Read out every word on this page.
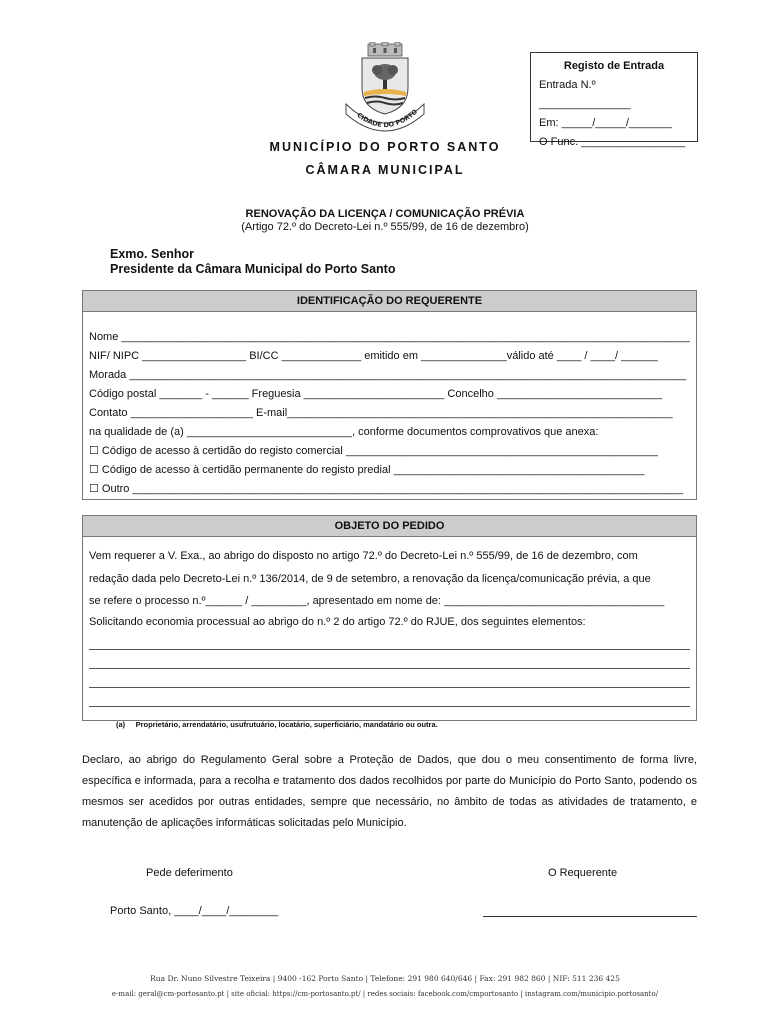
CIDADE DO PORTO
Registo de Entrada
Entrada N.º _______________
Em: _____/_____/_______
O Func. _________________
MUNICÍPIO DO PORTO SANTO
CÂMARA MUNICIPAL
RENOVAÇÃO DA LICENÇA / COMUNICAÇÃO PRÉVIA
(Artigo 72.º do Decreto-Lei n.º 555/99, de 16 de dezembro)
Exmo. Senhor
Presidente da Câmara Municipal do Porto Santo
IDENTIFICAÇÃO DO REQUERENTE
Nome _____________________________________________________________________________________________
NIF/ NIPC _________________ BI/CC _____________ emitido em ______________válido até ____ / ____/ ______
Morada ___________________________________________________________________________________________
Código postal _______ - ______ Freguesia _______________________ Concelho ___________________________
Contato ____________________ E-mail_______________________________________________________________
na qualidade de (a) ___________________________, conforme documentos comprovativos que anexa:
☐ Código de acesso à certidão do registo comercial ___________________________________________________
☐ Código de acesso à certidão permanente do registo predial _________________________________________
☐ Outro __________________________________________________________________________________________
OBJETO DO PEDIDO
Vem requerer a V. Exa., ao abrigo do disposto no artigo 72.º do Decreto-Lei n.º 555/99, de 16 de dezembro, com
redação dada pelo Decreto-Lei n.º 136/2014, de 9 de setembro, a renovação da licença/comunicação prévia, a que
se refere o processo n.º______ / _________, apresentado em nome de: ____________________________________
Solicitando economia processual ao abrigo do n.º 2 do artigo 72.º do RJUE, dos seguintes elementos:
(a)     Proprietário, arrendatário, usufrutuário, locatário, superficiário, mandatário ou outra.
Declaro, ao abrigo do Regulamento Geral sobre a Proteção de Dados, que dou o meu consentimento de forma livre, específica e informada, para a recolha e tratamento dos dados recolhidos por parte do Município do Porto Santo, podendo os mesmos ser acedidos por outras entidades, sempre que necessário, no âmbito de todas as atividades de tratamento, e manutenção de aplicações informáticas solicitadas pelo Município.
Pede deferimento	O Requerente
Porto Santo, ____/____/________
Rua Dr. Nuno Silvestre Teixeira | 9400 -162 Porto Santo | Telefone: 291 980 640/646 | Fax: 291 982 860 | NIF: 511 236 425
e-mail: geral@cm-portosanto.pt | site oficial: https://cm-portosanto.pt/ | redes sociais: facebook.com/cmportosanto | instagram.com/municipio.portosanto/
